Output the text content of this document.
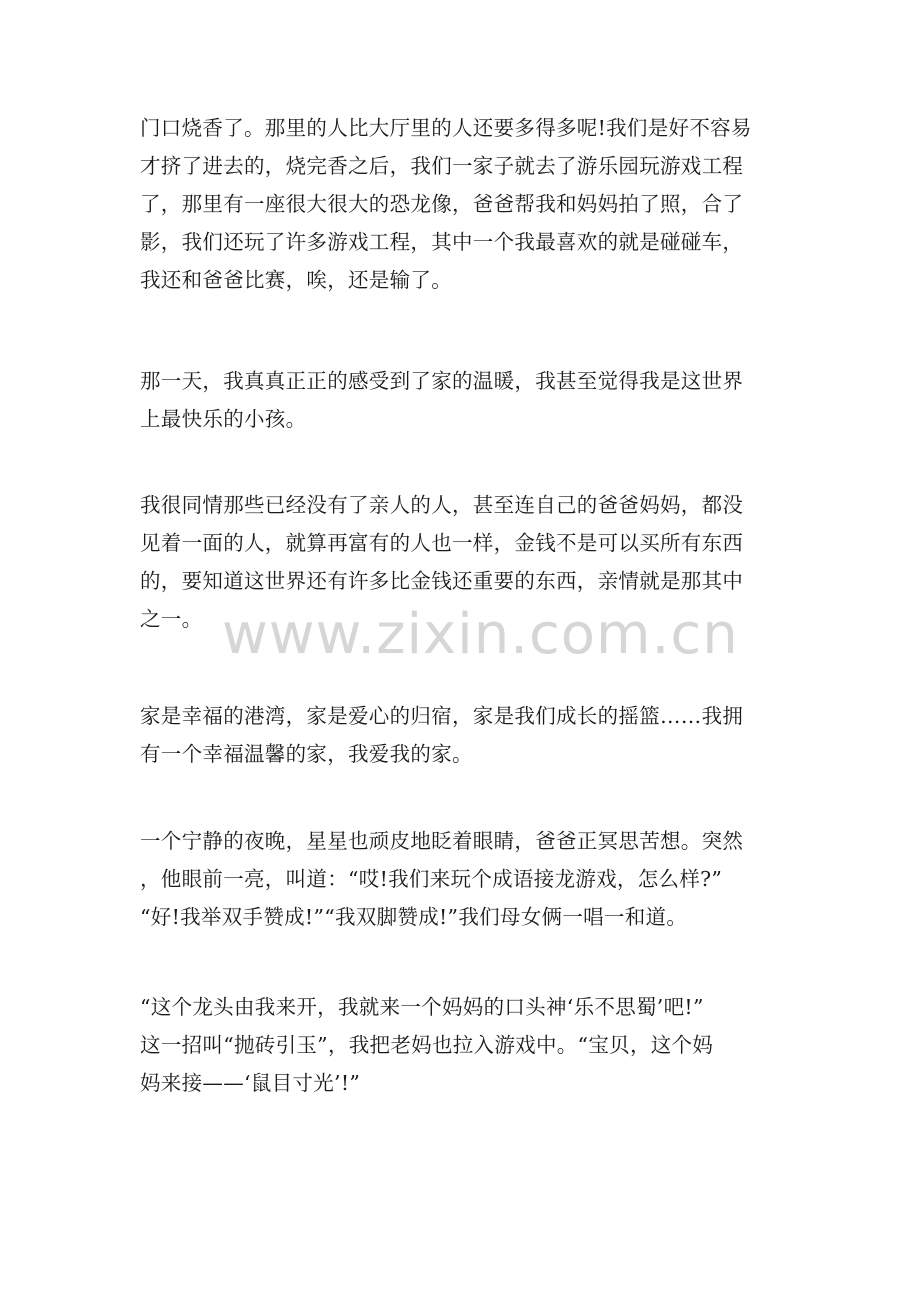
门口烧香了。那里的人比大厅里的人还要多得多呢!我们是好不容易
才挤了进去的，烧完香之后，我们一家子就去了游乐园玩游戏工程
了，那里有一座很大很大的恐龙像，爸爸帮我和妈妈拍了照，合了
影，我们还玩了许多游戏工程，其中一个我最喜欢的就是碰碰车，
我还和爸爸比赛，唉，还是输了。
那一天，我真真正正的感受到了家的温暖，我甚至觉得我是这世界
上最快乐的小孩。
我很同情那些已经没有了亲人的人，甚至连自己的爸爸妈妈，都没
见着一面的人，就算再富有的人也一样，金钱不是可以买所有东西
的，要知道这世界还有许多比金钱还重要的东西，亲情就是那其中
之一。
家是幸福的港湾，家是爱心的归宿，家是我们成长的摇篮……我拥
有一个幸福温馨的家，我爱我的家。
一个宁静的夜晚，星星也顽皮地眨着眼睛，爸爸正冥思苦想。突然
，他眼前一亮，叫道：“哎!我们来玩个成语接龙游戏，怎么样?”
“好!我举双手赞成!”“我双脚赞成!”我们母女俩一唱一和道。
“这个龙头由我来开，我就来一个妈妈的口头神‘乐不思蜀’吧!”
这一招叫“抛砖引玉”，我把老妈也拉入游戏中。“宝贝，这个妈
妈来接——‘鼠目寸光’!”
www.zixin.com.cn
